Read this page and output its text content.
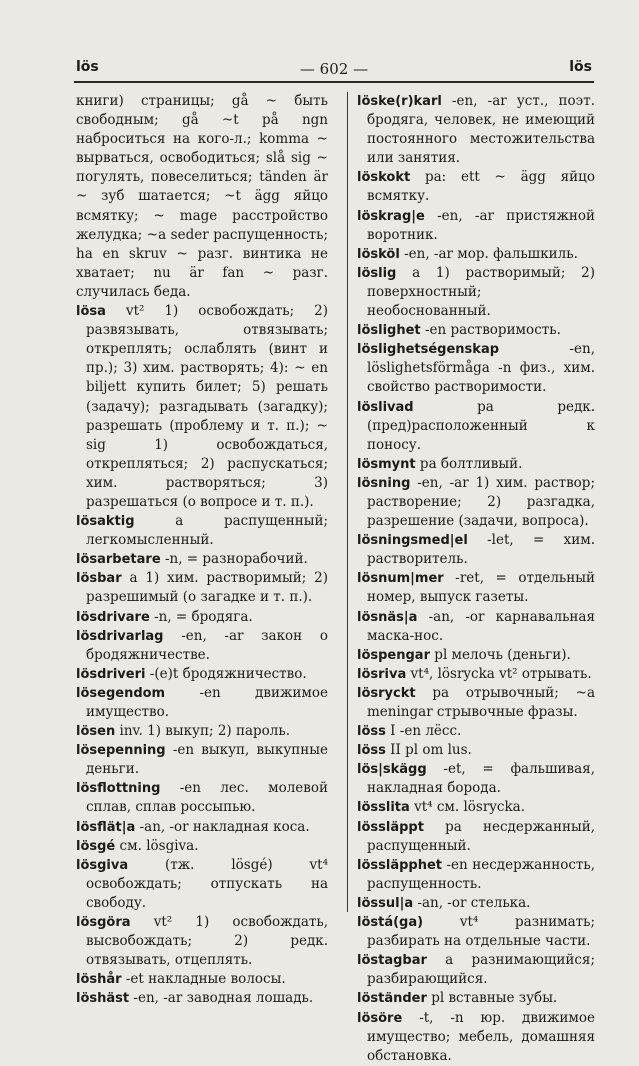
lös	— 602 —	lös

книги) страницы; gå ~ быть свободным; gå ~t på ngn наброситься на кого-л.; komma ~ вырваться, освободиться; slå sig ~ погулять, повеселиться; tänden är ~ зуб шатается; ~t ägg яйцо всмятку; ~ mage расстройство желудка; ~a seder распущенность; ha en skruv ~ разг. винтика не хватает; nu är fan ~ разг. случилась беда.

lösa vt² 1) освобождать; 2) развязывать, отвязывать; откреплять; ослаблять (винт и пр.); 3) хим. растворять; 4): ~ en biljett купить билет; 5) решать (задачу); разгадывать (загадку); разрешать (проблему и т. п.); ~ sig 1) освобождаться, открепляться; 2) распускаться; хим. растворяться; 3) разрешаться (о вопросе и т. п.).

lösaktig	a распущенный; легкомысленный.

lösarbetare -n, = разнорабочий.

lösbar a 1) хим. растворимый; 2) разрешимый (о загадке и т. п.).

lösdrivare -n, = бродяга.

lösdrivarlag -en, -ar закон о бродяжничестве.

lösdriveri -(e)t бродяжничество.

lösegendom	-en движимое имущество.

lösen inv. 1) выкуп; 2) пароль.

lösepenning -en выкуп, выкупные деньги.

lösflottning -en лес. молевой сплав, сплав россыпью.

lösflät|a -an, -or накладная коса.

lösgé см. lösgiva.

lösgiva	(тж. lösgé) vt⁴ освобождать; отпускать на свободу.

lösgöra vt² 1) освобождать, высвобождать; 2) редк. отвязывать, отцеплять.

löshår -et накладные волосы.

löshäst -en, -ar заводная лошадь.

löske(r)karl -en, -ar уст., поэт. бродяга, человек, не имеющий постоянного местожительства или занятия.

löskokt pa: ett ~ ägg яйцо всмятку.

löskrag|e -en, -ar пристяжной воротник.

lösköl -en, -ar мор. фальшкиль.

löslig a 1) растворимый; 2) поверхностный; необоснованный.

löslighet -en растворимость.

löslighetségenskap	-en, löslighetsförmåga -n физ., хим. свойство растворимости.

löslivad	pa редк. (пред)расположенный к поносу.

lösmynt pa болтливый.

lösning -en, -ar 1) хим. раствор; растворение; 2) разгадка, разрешение (задачи, вопроса).

lösningsmed|el -let, = хим. растворитель.

lösnum|mer -ret, = отдельный номер, выпуск газеты.

lösnäs|a -an, -or карнавальная маска-нос.

löspengar pl мелочь (деньги).

lösriva vt⁴, lösrycka vt² отрывать.

lösryckt pa отрывочный; ~a meningar стрывочные фразы.

löss I -en лёсс.

löss II pl om lus.

lös|skägg -et, = фальшивая, накладная борода.

lösslita vt⁴ см. lösrycka.

lössläppt pa несдержанный, распущенный.

lössläpphet -en несдержанность, распущенность.

lössul|a -an, -or стелька.

löstá(ga)	vt⁴ разнимать; разбирать на отдельные части.

löstagbar a разнимающийся; разбирающийся.

löständer pl вставные зубы.

lösöre -t, -n юр. движимое имущество; мебель, домашняя обстановка.
